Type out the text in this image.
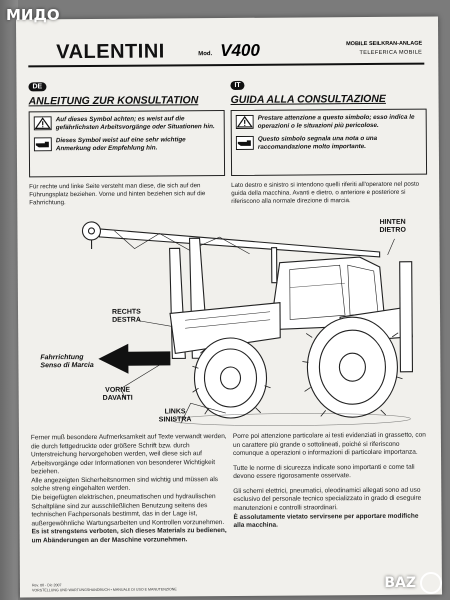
VALENTINI	Mod. V400	MOBILE SEILKRAN-ANLAGE
TELEFERICA MOBILE
DE
ANLEITUNG ZUR KONSULTATION
Auf dieses Symbol achten; es weist auf die gefährlichsten Arbeitsvorgänge oder Situationen hin.
Dieses Symbol weist auf eine sehr wichtige Anmerkung oder Empfehlung hin.
Für rechte und linke Seite versteht man diese, die sich auf den Führungsplatz beziehen. Vorne und hinten beziehen sich auf die Fahrrichtung.
IT
GUIDA ALLA CONSULTAZIONE
Prestare attenzione a questo simbolo; esso indica le operazioni o le situazioni più pericolose.
Questo simbolo segnala una nota o una raccomandazione molto importante.
Lato destro e sinistro si intendono quelli riferiti all'operatore nel posto guida della macchina. Avanti e dietro, o anteriore e posteriore si riferiscono alla normale direzione di marcia.
HINTEN
DIETRO
RECHTS
DESTRA
Fahrrichtung
Senso di Marcia
VORNE
DAVANTI
LINKS
SINISTRA
Ferner muß besondere Aufmerksamkeit auf Texte verwandt werden, die durch fettgedruckte oder größere Schrift bzw. durch Unterstreichung hervorgehoben werden, weil diese sich auf Arbeitsvorgänge oder Informationen von besonderer Wichtigkeit beziehen.
Alle angezeigten Sicherheitsnormen sind wichtig und müssen als solche streng eingehalten werden.
Die beigefügten elektrischen, pneumatischen und hydraulischen Schaltpläne sind zur ausschließlichen Benutzung seitens des technischen Fachpersonals bestimmt, das in der Lage ist, außergewöhnliche Wartungsarbeiten und Kontrollen vorzunehmen.
Es ist strengstens verboten, sich dieses Materials zu bedienen, um Abänderungen an der Maschine vorzunehmen.
Porre poi attenzione particolare ai testi evidenziati in grassetto, con un carattere più grande o sottolineati, poiché si riferiscono comunque a operazioni o informazioni di particolare importanza.
Tutte le norme di sicurezza indicate sono importanti e come tali devono essere rigorosamente osservate.
Gli schemi elettrici, pneumatici, oleodinamici allegati sono ad uso esclusivo del personale tecnico specializzato in grado di eseguire manutenzioni e controlli straordinari.
È assolutamente vietato servirsene per apportare modifiche alla macchina.
Rev. 00 - Dic 2007
VORSTELLUNG UND WARTUNGSHANDBUCH • MANUALE DI USO E MANUTENZIONE
МИДО
BAZ
